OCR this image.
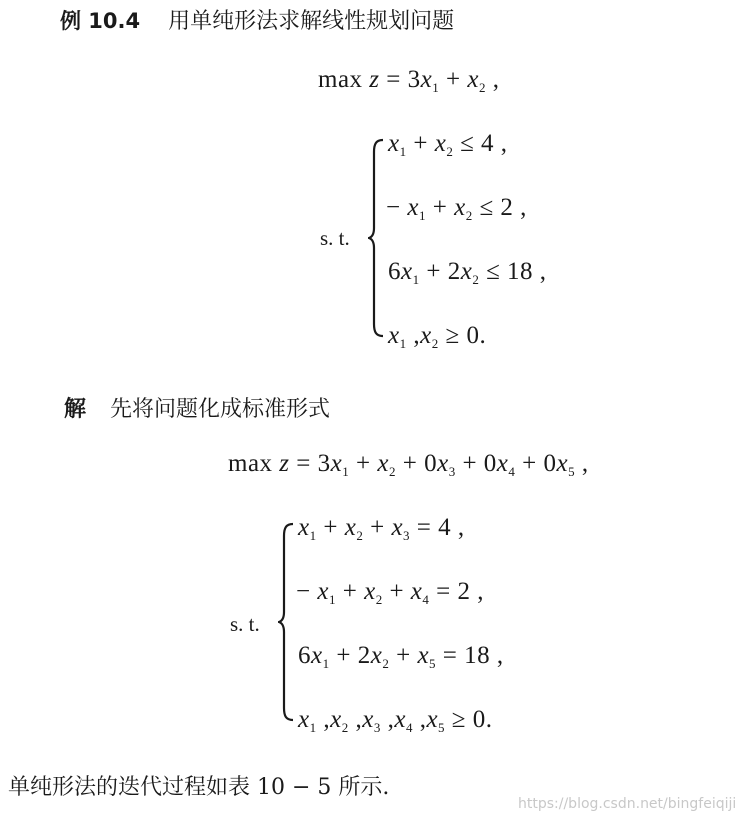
例 10.4 用单纯形法求解线性规划问题
$\max z = 3x_1 + x_2$ ,
s. t.
$x_1 + x_2 \le 4$ ,
− $x_1 + x_2 \le 2$ ,
$6x_1 + 2x_2 \le 18$ ,
$x_1$ $,x_2 \ge 0$.
解 先将问题化成标准形式
$\max z = 3x_1 + x_2 + 0x_3 + 0x_4 + 0x_5$ ,
s. t.
$x_1 + x_2 + x_3 = 4$ ,
− $x_1 + x_2 + x_4 = 2$ ,
$6x_1 + 2x_2 + x_5 = 18$ ,
$x_1$ $,x_2$ $,x_3$ $,x_4$ $,x_5 \ge 0$.
单纯形法的迭代过程如表 10 − 5 所示.
https://blog.csdn.net/bingfeiqiji
